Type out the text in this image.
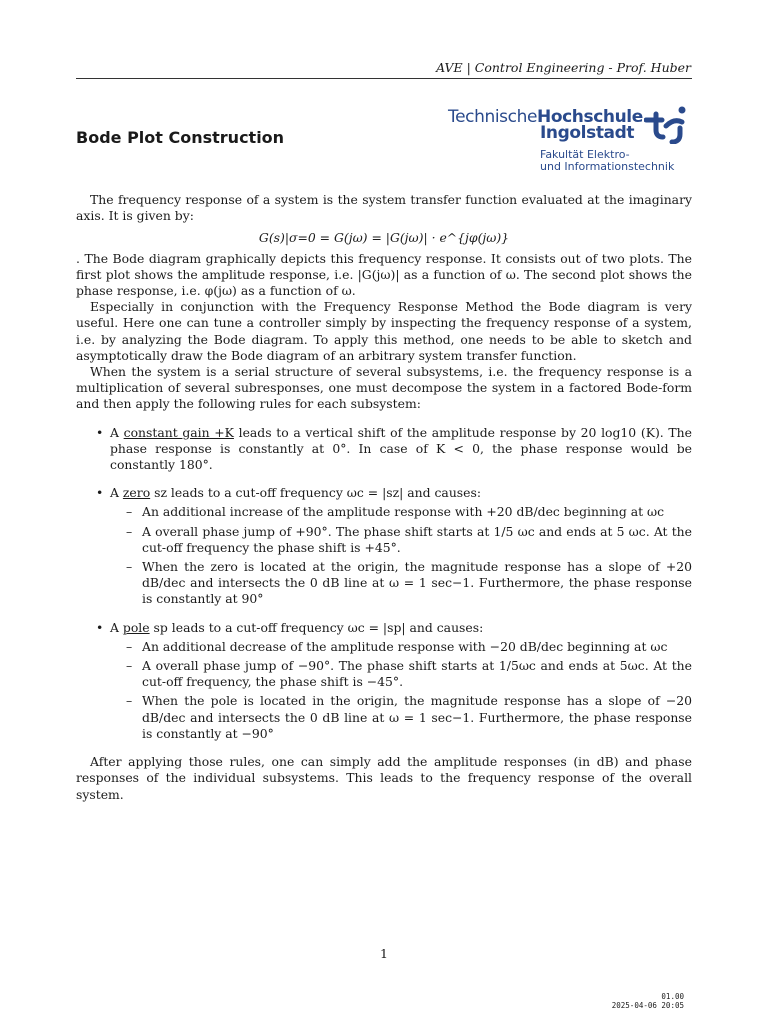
AVE | Control Engineering - Prof. Huber
Bode Plot Construction
TechnischeHochschule
Ingolstadt
Fakultät Elektro-
und Informationstechnik

The frequency response of a system is the system transfer function evaluated at the imaginary axis. It is given by:

G(s)|σ=0 = G(jω) = |G(jω)| · e^{jφ(jω)}

. The Bode diagram graphically depicts this frequency response. It consists out of two plots. The first plot shows the amplitude response, i.e. |G(jω)| as a function of ω. The second plot shows the phase response, i.e. φ(jω) as a function of ω.

Especially in conjunction with the Frequency Response Method the Bode diagram is very useful. Here one can tune a controller simply by inspecting the frequency response of a system, i.e. by analyzing the Bode diagram. To apply this method, one needs to be able to sketch and asymptotically draw the Bode diagram of an arbitrary system transfer function.

When the system is a serial structure of several subsystems, i.e. the frequency response is a multiplication of several subresponses, one must decompose the system in a factored Bode-form and then apply the following rules for each subsystem:

• A constant gain +K leads to a vertical shift of the amplitude response by 20 log10 (K). The phase response is constantly at 0°. In case of K < 0, the phase response would be constantly 180°.
• A zero sz leads to a cut-off frequency ωc = |sz| and causes:
– An additional increase of the amplitude response with +20 dB/dec beginning at ωc
– A overall phase jump of +90°. The phase shift starts at 1/5 ωc and ends at 5 ωc. At the cut-off frequency the phase shift is +45°.
– When the zero is located at the origin, the magnitude response has a slope of +20 dB/dec and intersects the 0 dB line at ω = 1 sec−1. Furthermore, the phase response is constantly at 90°
• A pole sp leads to a cut-off frequency ωc = |sp| and causes:
– An additional decrease of the amplitude response with −20 dB/dec beginning at ωc
– A overall phase jump of −90°. The phase shift starts at 1/5ωc and ends at 5ωc. At the cut-off frequency, the phase shift is −45°.
– When the pole is located in the origin, the magnitude response has a slope of −20 dB/dec and intersects the 0 dB line at ω = 1 sec−1. Furthermore, the phase response is constantly at −90°

After applying those rules, one can simply add the amplitude responses (in dB) and phase responses of the individual subsystems. This leads to the frequency response of the overall system.

1
01.00
2025-04-06 20:05
